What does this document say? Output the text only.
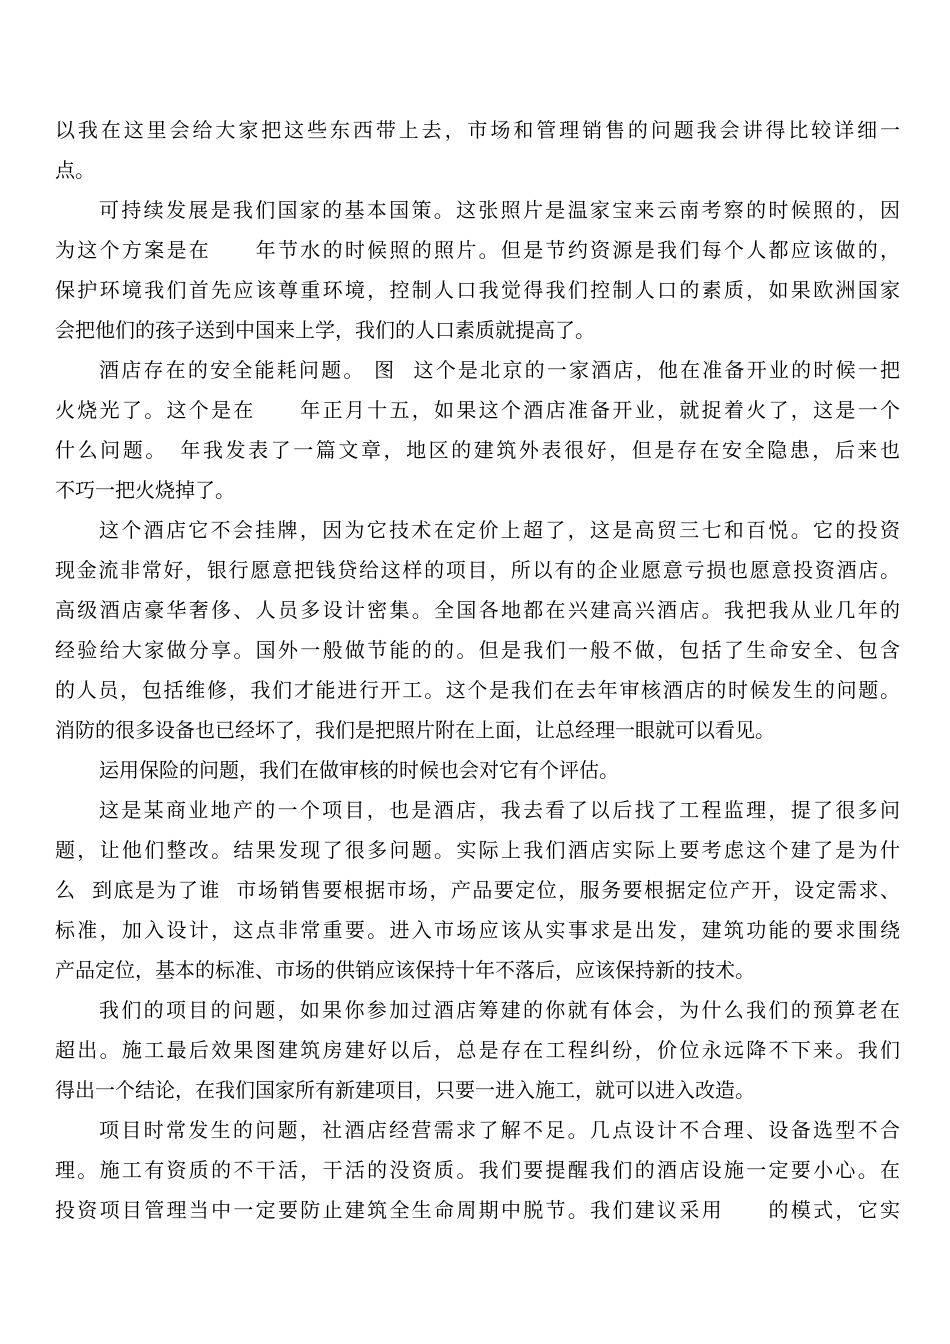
以我在这里会给大家把这些东西带上去，市场和管理销售的问题我会讲得比较详细一
点。
可持续发展是我们国家的基本国策。这张照片是温家宝来云南考察的时候照的，因
为这个方案是在　　年节水的时候照的照片。但是节约资源是我们每个人都应该做的，
保护环境我们首先应该尊重环境，控制人口我觉得我们控制人口的素质，如果欧洲国家
会把他们的孩子送到中国来上学，我们的人口素质就提高了。
酒店存在的安全能耗问题。 图  这个是北京的一家酒店，他在准备开业的时候一把
火烧光了。这个是在　　年正月十五，如果这个酒店准备开业，就捉着火了，这是一个
什么问题。　年我发表了一篇文章，地区的建筑外表很好，但是存在安全隐患，后来也
不巧一把火烧掉了。
这个酒店它不会挂牌，因为它技术在定价上超了，这是高贸三七和百悦。它的投资
现金流非常好，银行愿意把钱贷给这样的项目，所以有的企业愿意亏损也愿意投资酒店。
高级酒店豪华奢侈、人员多设计密集。全国各地都在兴建高兴酒店。我把我从业几年的
经验给大家做分享。国外一般做节能的的。但是我们一般不做，包括了生命安全、包含
的人员，包括维修，我们才能进行开工。这个是我们在去年审核酒店的时候发生的问题。
消防的很多设备也已经坏了，我们是把照片附在上面，让总经理一眼就可以看见。
运用保险的问题，我们在做审核的时候也会对它有个评估。
这是某商业地产的一个项目，也是酒店，我去看了以后找了工程监理，提了很多问
题，让他们整改。结果发现了很多问题。实际上我们酒店实际上要考虑这个建了是为什
么  到底是为了谁  市场销售要根据市场，产品要定位，服务要根据定位产开，设定需求、
标准，加入设计，这点非常重要。进入市场应该从实事求是出发，建筑功能的要求围绕
产品定位，基本的标准、市场的供销应该保持十年不落后，应该保持新的技术。
我们的项目的问题，如果你参加过酒店筹建的你就有体会，为什么我们的预算老在
超出。施工最后效果图建筑房建好以后，总是存在工程纠纷，价位永远降不下来。我们
得出一个结论，在我们国家所有新建项目，只要一进入施工，就可以进入改造。
项目时常发生的问题，社酒店经营需求了解不足。几点设计不合理、设备选型不合
理。施工有资质的不干活，干活的没资质。我们要提醒我们的酒店设施一定要小心。在
投资项目管理当中一定要防止建筑全生命周期中脱节。我们建议采用　　的模式，它实
